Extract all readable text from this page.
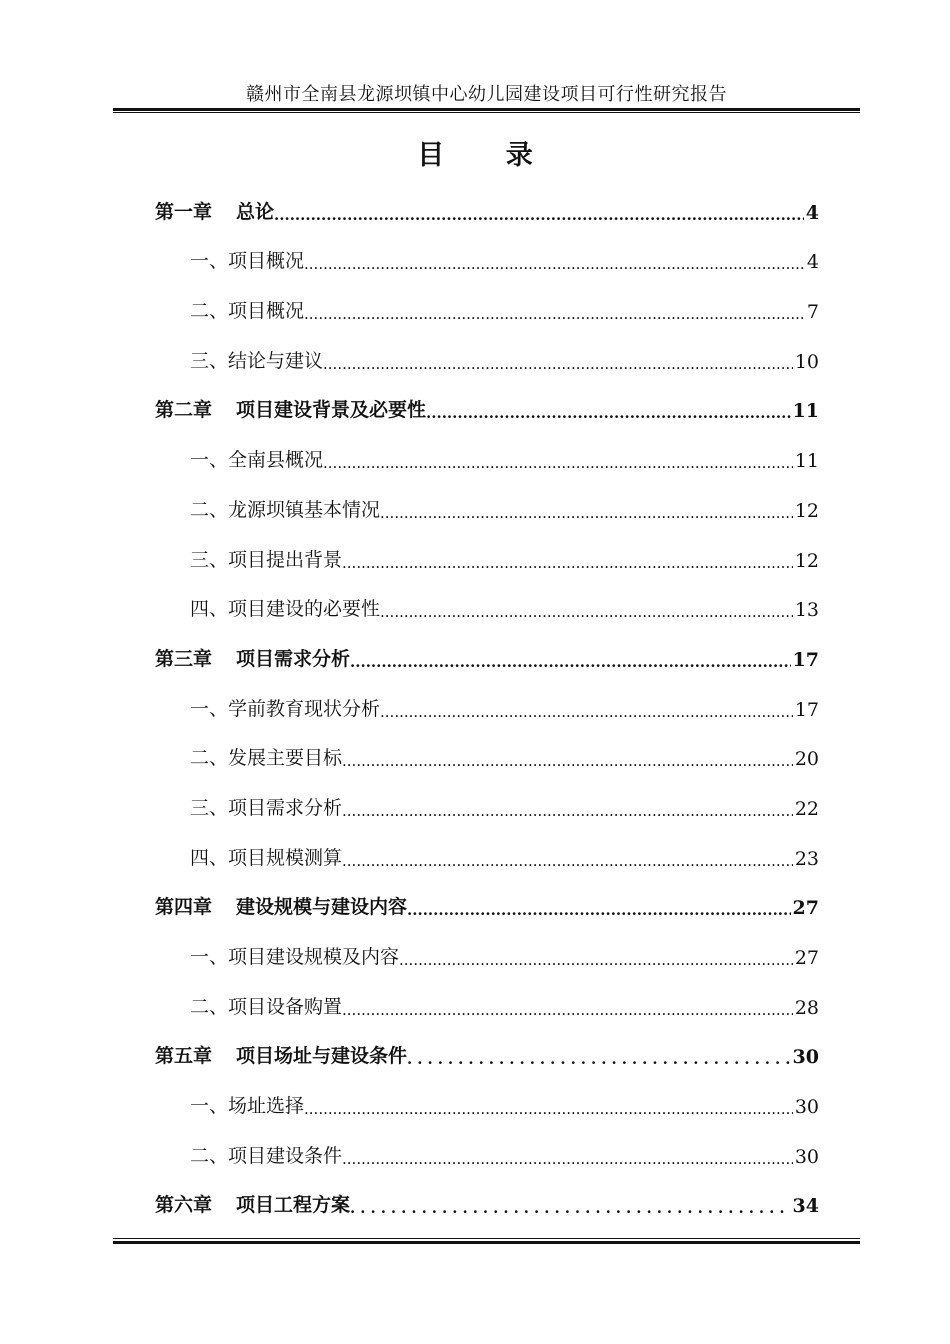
赣州市全南县龙源坝镇中心幼儿园建设项目可行性研究报告
目 录
第一章 总论 .....	4
一、项目概况 .....	4
二、项目概况 .....	7
三、结论与建议 .....	10
第二章 项目建设背景及必要性 .....	11
一、全南县概况 .....	11
二、龙源坝镇基本情况 .....	12
三、项目提出背景 .....	12
四、项目建设的必要性 .....	13
第三章 项目需求分析 .....	17
一、学前教育现状分析 .....	17
二、发展主要目标 .....	20
三、项目需求分析 .....	22
四、项目规模测算 .....	23
第四章 建设规模与建设内容 .....	27
一、项目建设规模及内容 .....	27
二、项目设备购置 .....	28
第五章 项目场址与建设条件 .....	30
一、场址选择 .....	30
二、项目建设条件 .....	30
第六章 项目工程方案 .....	34
